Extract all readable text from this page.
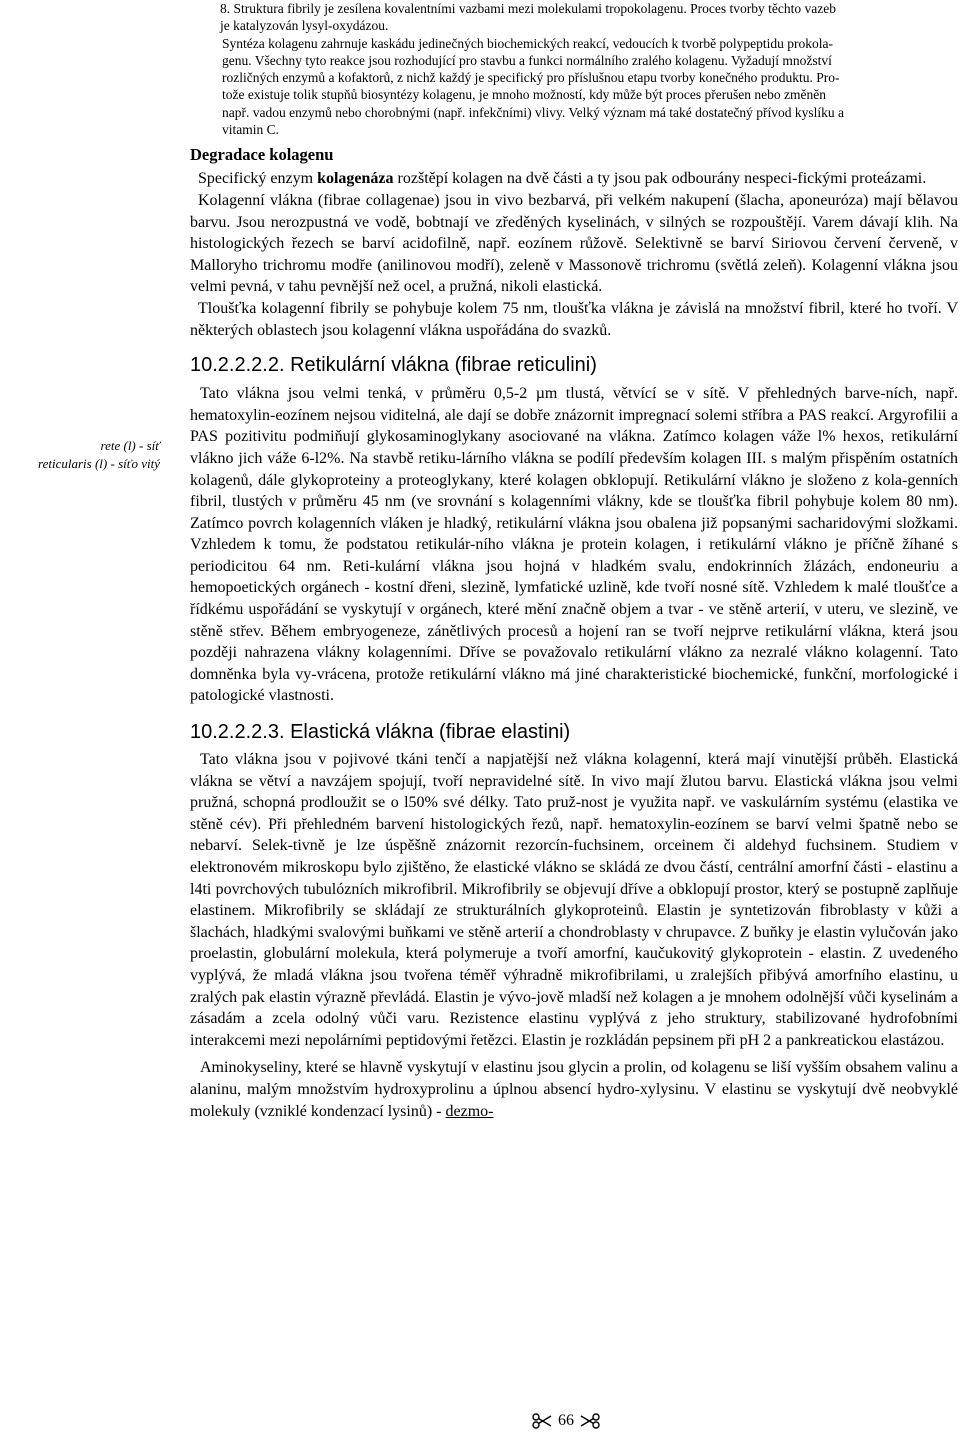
rete (l) - síť
reticularis (l) - síťo vitý

8. Struktura fibrily je zesílena kovalentními vazbami mezi molekulami tropokolagenu. Proces tvorby těchto vazeb
je katalyzován lysyl-oxydázou.

Syntéza kolagenu zahrnuje kaskádu jedinečných biochemických reakcí, vedoucích k tvorbě polypeptidu prokola-
genu. Všechny tyto reakce jsou rozhodující pro stavbu a funkci normálního zralého kolagenu. Vyžadují množství
rozličných enzymů a kofaktorů, z nichž každý je specifický pro příslušnou etapu tvorby konečného produktu. Pro-
tože existuje tolik stupňů biosyntézy kolagenu, je mnoho možností, kdy může být proces přerušen nebo změněn
např. vadou enzymů nebo chorobnými (např. infekčními) vlivy. Velký význam má také dostatečný přívod kyslíku a
vitamin C.

Degradace kolagenu

Specifický enzym kolagenáza rozštěpí kolagen na dvě části a ty jsou pak odbourány nespeci-fickými proteázami.

Kolagenní vlákna (fibrae collagenae) jsou in vivo bezbarvá, při velkém nakupení (šlacha, aponeuróza) mají bělavou barvu. Jsou nerozpustná ve vodě, bobtnají ve zředěných kyselinách, v silných se rozpouštějí. Varem dávají klih. Na histologických řezech se barví acidofilně, např. eozínem růžově. Selektivně se barví Siriovou červení červeně, v Malloryho trichromu modře (anilinovou modří), zeleně v Massonově trichromu (světlá zeleň). Kolagenní vlákna jsou velmi pevná, v tahu pevnější než ocel, a pružná, nikoli elastická.

Tloušťka kolagenní fibrily se pohybuje kolem 75 nm, tloušťka vlákna je závislá na množství fibril, které ho tvoří. V některých oblastech jsou kolagenní vlákna uspořádána do svazků.

10.2.2.2.2. Retikulární vlákna (fibrae reticulini)

Tato vlákna jsou velmi tenká, v průměru 0,5-2 µm tlustá, větvící se v sítě. V přehledných barve-ních, např. hematoxylin-eozínem nejsou viditelná, ale dají se dobře znázornit impregnací solemi stříbra a PAS reakcí. Argyrofilii a PAS pozitivitu podmiňují glykosaminoglykany asociované na vlákna. Zatímco kolagen váže l% hexos, retikulární vlákno jich váže 6-l2%. Na stavbě retiku-lárního vlákna se podílí především kolagen III. s malým přispěním ostatních kolagenů, dále glykoproteiny a proteoglykany, které kolagen obklopují. Retikulární vlákno je složeno z kola-genních fibril, tlustých v průměru 45 nm (ve srovnání s kolagenními vlákny, kde se tloušťka fibril pohybuje kolem 80 nm). Zatímco povrch kolagenních vláken je hladký, retikulární vlákna jsou obalena již popsanými sacharidovými složkami. Vzhledem k tomu, že podstatou retikulár-ního vlákna je protein kolagen, i retikulární vlákno je příčně žíhané s periodicitou 64 nm. Reti-kulární vlákna jsou hojná v hladkém svalu, endokrinních žlázách, endoneuriu a hemopoetických orgánech - kostní dřeni, slezině, lymfatické uzlině, kde tvoří nosné sítě. Vzhledem k malé tloušťce a řídkému uspořádání se vyskytují v orgánech, které mění značně objem a tvar - ve stěně arterií, v uteru, ve slezině, ve stěně střev. Během embryogeneze, zánětlivých procesů a hojení ran se tvoří nejprve retikulární vlákna, která jsou později nahrazena vlákny kolagenními. Dříve se považovalo retikulární vlákno za nezralé vlákno kolagenní. Tato domněnka byla vy-vrácena, protože retikulární vlákno má jiné charakteristické biochemické, funkční, morfologické i patologické vlastnosti.

10.2.2.2.3. Elastická vlákna (fibrae elastini)

Tato vlákna jsou v pojivové tkáni tenčí a napjatější než vlákna kolagenní, která mají vinutější průběh. Elastická vlákna se větví a navzájem spojují, tvoří nepravidelné sítě. In vivo mají žlutou barvu. Elastická vlákna jsou velmi pružná, schopná prodloužit se o l50% své délky. Tato pruž-nost je využita např. ve vaskulárním systému (elastika ve stěně cév). Při přehledném barvení histologických řezů, např. hematoxylin-eozínem se barví velmi špatně nebo se nebarví. Selek-tivně je lze úspěšně znázornit rezorcín-fuchsinem, orceinem či aldehyd fuchsinem. Studiem v elektronovém mikroskopu bylo zjištěno, že elastické vlákno se skládá ze dvou částí, centrální amorfní části - elastinu a l4ti povrchových tubulózních mikrofibril. Mikrofibrily se objevují dříve a obklopují prostor, který se postupně zaplňuje elastinem. Mikrofibrily se skládají ze strukturálních glykoproteinů. Elastin je syntetizován fibroblasty v kůži a šlachách, hladkými svalovými buňkami ve stěně arterií a chondroblasty v chrupavce. Z buňky je elastin vylučován jako proelastin, globulární molekula, která polymeruje a tvoří amorfní, kaučukovitý glykoprotein - elastin. Z uvedeného vyplývá, že mladá vlákna jsou tvořena téměř výhradně mikrofibrilami, u zralejších přibývá amorfního elastinu, u zralých pak elastin výrazně převládá. Elastin je vývo-jově mladší než kolagen a je mnohem odolnější vůči kyselinám a zásadám a zcela odolný vůči varu. Rezistence elastinu vyplývá z jeho struktury, stabilizované hydrofobními interakcemi mezi nepolárními peptidovými řetězci. Elastin je rozkládán pepsinem při pH 2 a pankreatickou elastázou.

Aminokyseliny, které se hlavně vyskytují v elastinu jsou glycin a prolin, od kolagenu se liší vyšším obsahem valinu a alaninu, malým množstvím hydroxyprolinu a úplnou absencí hydro-xylysinu. V elastinu se vyskytují dvě neobvyklé molekuly (vzniklé kondenzací lysinů) - dezmo-

66
